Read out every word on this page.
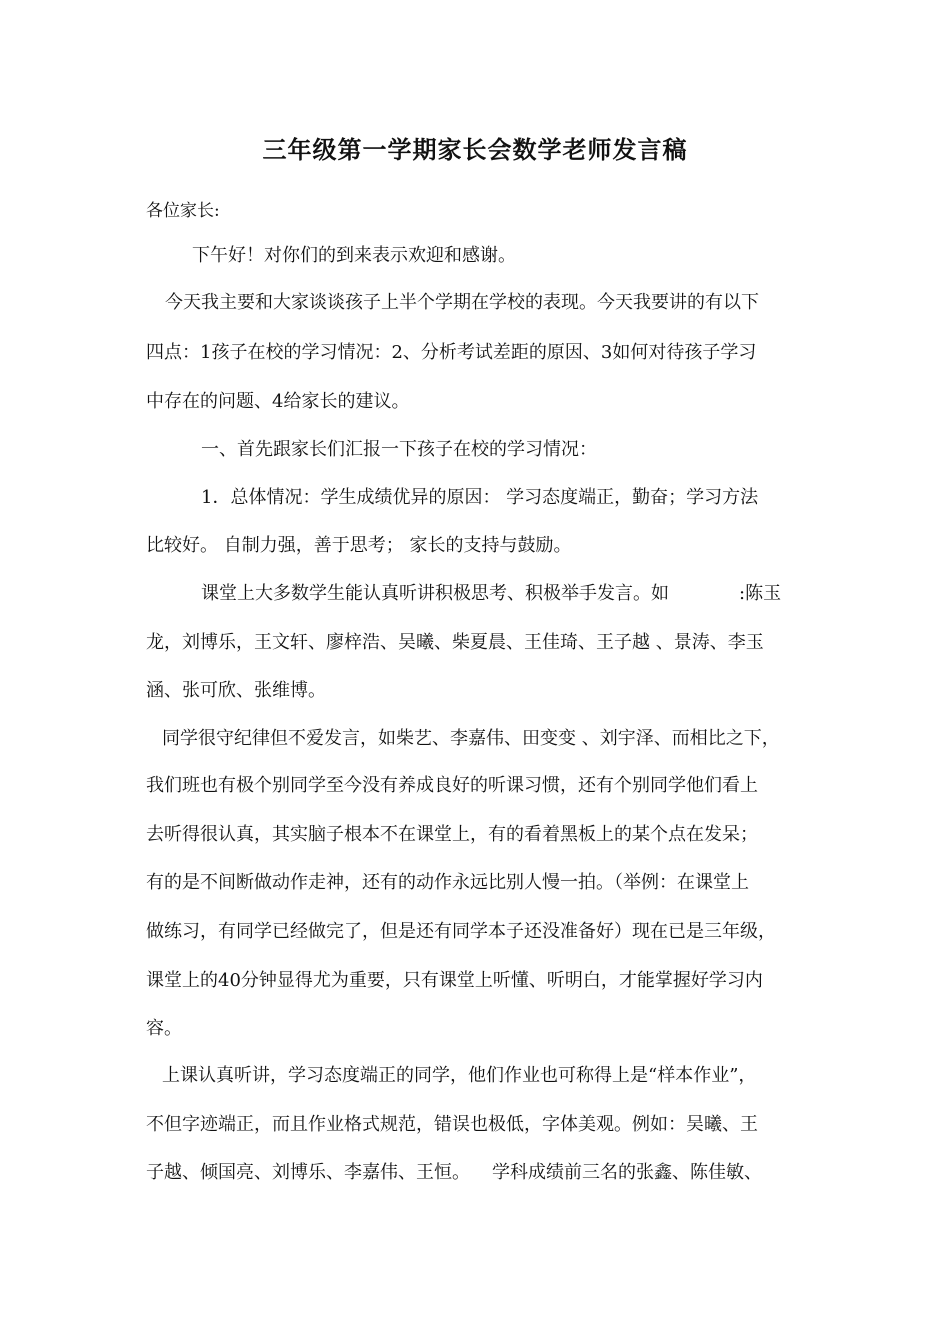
三年级第一学期家长会数学老师发言稿
各位家长:
下午好！对你们的到来表示欢迎和感谢。
今天我主要和大家谈谈孩子上半个学期在学校的表现。今天我要讲的有以下
四点：1孩子在校的学习情况：2、分析考试差距的原因、3如何对待孩子学习
中存在的问题、4给家长的建议。
一、首先跟家长们汇报一下孩子在校的学习情况：
1．总体情况：学生成绩优异的原因： 学习态度端正，勤奋；学习方法
比较好。 自制力强，善于思考； 家长的支持与鼓励。
课堂上大多数学生能认真听讲积极思考、积极举手发言。如	:陈玉
龙，刘博乐，王文轩、廖梓浩、吴曦、柴夏晨、王佳琦、王子越 、景涛、李玉
涵、张可欣、张维博。
同学很守纪律但不爱发言，如柴艺、李嘉伟、田变变 、刘宇泽、而相比之下，
我们班也有极个别同学至今没有养成良好的听课习惯，还有个别同学他们看上
去听得很认真，其实脑子根本不在课堂上，有的看着黑板上的某个点在发呆；
有的是不间断做动作走神，还有的动作永远比别人慢一拍。（举例：在课堂上
做练习，有同学已经做完了，但是还有同学本子还没准备好）现在已是三年级，
课堂上的40分钟显得尤为重要，只有课堂上听懂、听明白，才能掌握好学习内
容。
上课认真听讲，学习态度端正的同学，他们作业也可称得上是“样本作业”，
不但字迹端正，而且作业格式规范，错误也极低，字体美观。例如：吴曦、王
子越、倾国亮、刘博乐、李嘉伟、王恒。 学科成绩前三名的张鑫、陈佳敏、
